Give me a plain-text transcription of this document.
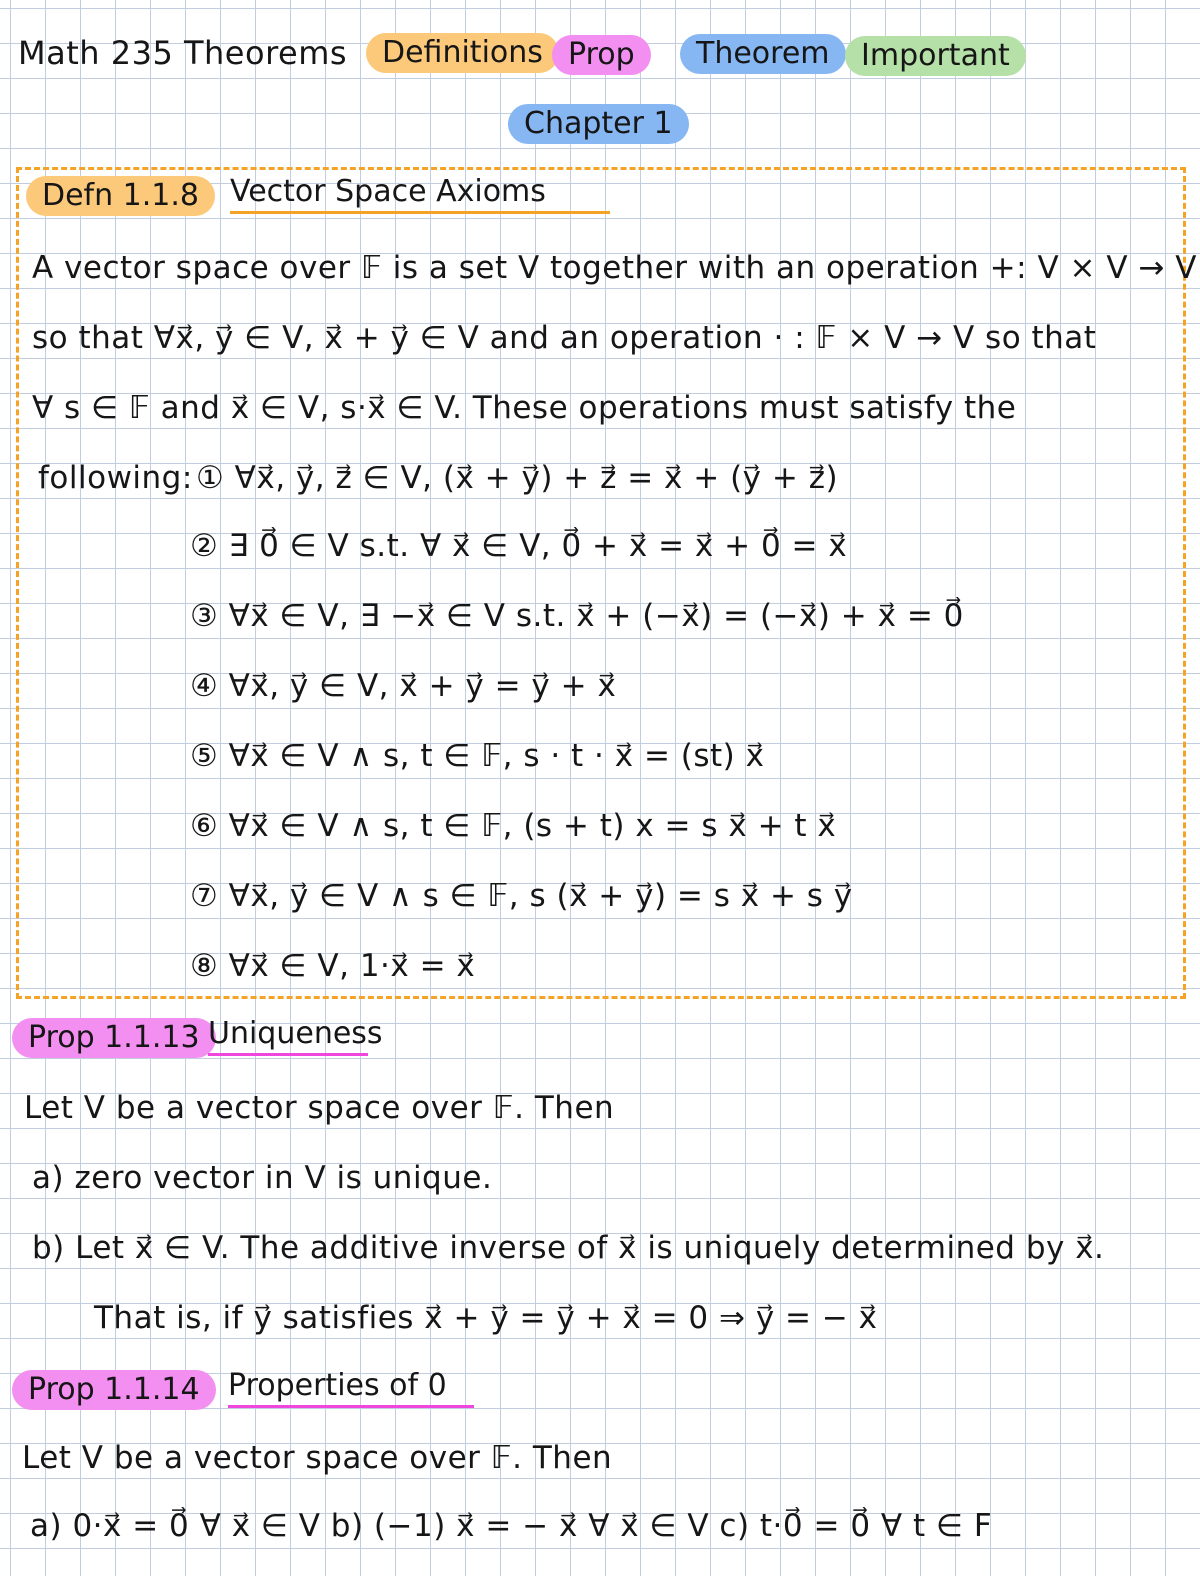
Math 235 Theorems	Definitions Prop	Theorem	Important
Chapter 1
Defn 1.1.8	Vector Space Axioms
A vector space over 𝔽 is a set V together with an operation +: V × V → V
so that ∀x⃗, y⃗ ∈ V, x⃗ + y⃗ ∈ V and an operation · : 𝔽 × V → V so that
∀ s ∈ 𝔽 and x⃗ ∈ V, s·x⃗ ∈ V. These operations must satisfy the
following: ① ∀x⃗, y⃗, z⃗ ∈ V, (x⃗ + y⃗) + z⃗ = x⃗ + (y⃗ + z⃗)
② ∃ 0⃗ ∈ V s.t. ∀ x⃗ ∈ V, 0⃗ + x⃗ = x⃗ + 0⃗ = x⃗
③ ∀x⃗ ∈ V, ∃ −x⃗ ∈ V s.t. x⃗ + (−x⃗) = (−x⃗) + x⃗ = 0⃗
④ ∀x⃗, y⃗ ∈ V, x⃗ + y⃗ = y⃗ + x⃗
⑤ ∀x⃗ ∈ V ∧ s, t ∈ 𝔽, s · t · x⃗ = (st) x⃗
⑥ ∀x⃗ ∈ V ∧ s, t ∈ 𝔽, (s + t) x = s x⃗ + t x⃗
⑦ ∀x⃗, y⃗ ∈ V ∧ s ∈ 𝔽, s (x⃗ + y⃗) = s x⃗ + s y⃗
⑧ ∀x⃗ ∈ V, 1·x⃗ = x⃗
Prop 1.1.13 Uniqueness
Let V be a vector space over 𝔽. Then
a) zero vector in V is unique.
b) Let x⃗ ∈ V. The additive inverse of x⃗ is uniquely determined by x⃗.
That is, if y⃗ satisfies x⃗ + y⃗ = y⃗ + x⃗ = 0 ⇒ y⃗ = − x⃗
Prop 1.1.14 Properties of 0
Let V be a vector space over 𝔽. Then
a) 0·x⃗ = 0⃗ ∀ x⃗ ∈ V b) (−1) x⃗ = − x⃗ ∀ x⃗ ∈ V c) t·0⃗ = 0⃗ ∀ t ∈ F
